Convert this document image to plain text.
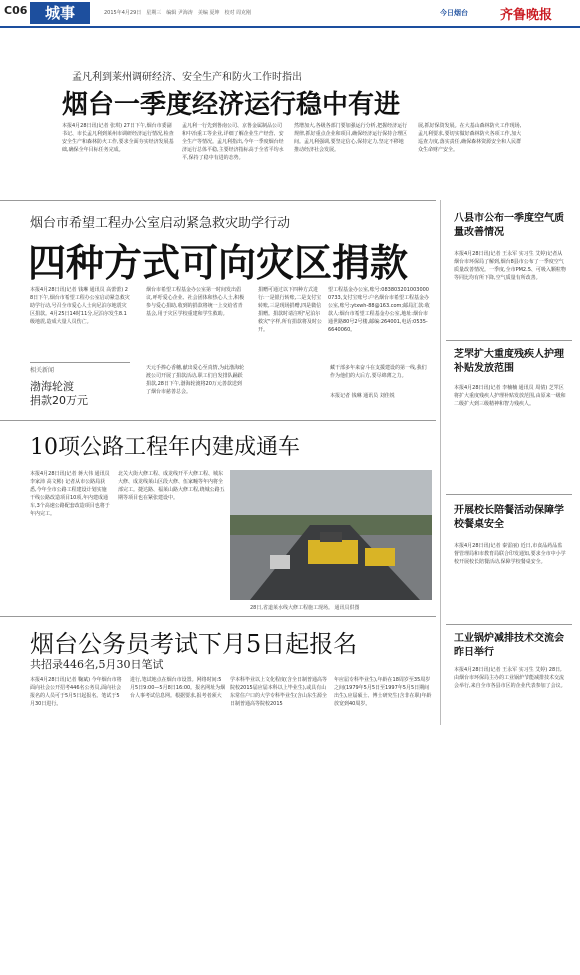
C06	城事	2015年4月29日　星期三　编辑 尹海涛　美编 夏坤　校对 周克刚	今日烟台 齐鲁晚报
孟凡利到莱州调研经济、安全生产和防火工作时指出
烟台一季度经济运行稳中有进
本报4月28日讯(记者 张琪) 27日下午,烟台市委副书记、市长孟凡利到莱州市调研经济运行情况,检查安全生产和森林防火工作,要求全面夯实经济发展基础,确保全年目标任务完成。
孟凡利一行先到鲁南公司、京鲁金属制品公司和中冶重工等企业,详细了解企业生产经营、安全生产等情况。孟凡利指出,今年一季度烟台经济运行总体平稳,主要经济指标高于全省平均水平,保持了稳中有进的态势。
然增加大,各级各部门要加强运行分析,把握经济运行规律,抓好重点企业和项目,确保经济运行保持合理区间。孟凡利强调,要坚定信心,保持定力,坚定不移地推动经济社会发展。
展,抓好保资发展。在大基山森林防火工作现场,孟凡利要求,要切实做好森林防火各项工作,加大巡查力度,落实责任,确保森林资源安全和人民群众生命财产安全。
烟台市希望工程办公室启动紧急救灾助学行动
四种方式可向灾区捐款
本报4月28日讯(记者 钱琳 通讯员 高蕾蕾) 28日下午,烟台市希望工程办公室启动紧急救灾助学行动,号召全市爱心人士向尼泊尔地震灾区捐款。4月25日14时11分,尼泊尔发生8.1级地震,造成大量人员伤亡。
烟台市希望工程基金办公室第一时间发出倡议,呼吁爱心企业、社会团体和热心人士,积极参与爱心捐助,收到的捐款将统一上交给省青基会,用于灾区学校重建和学生救助。
捐赠可通过以下四种方式进行:一是银行转账,二是支付宝转账,三是现场捐赠,四是微信捐赠。捐款时请注明"尼泊尔救灾"字样,所有捐款将及时公开。
望工程基金办公室,账号:0838032010030000733,支付宝账号:户名烟台市希望工程基金办公室,账号:ytxwh-88@163.com;邮局汇款:收款人:烟台市希望工程基金办公室,地址:烟台市通世路80号2号楼,邮编:264001,电话:0535-6640060。
相关新闻
渤海轮渡
捐款20万元
天元手捧心香穗,献出爱心至真情,为此渤海轮渡公司开展了捐款活动,职工们自发排队踊跃捐款,28日下午,渤海轮渡将20万元善款送到了烟台市慈善总会。
藏干部多年来奋斗在支援建设的第一线,我们作为他们的大后方,要尽绵薄之力。
本报记者 钱琳 通讯员 刘佳锐
10项公路工程年内建成通车
本报4月28日讯(记者 蒋大伟 通讯员 李家沛 高文彬) 记者从市公路局获悉,今年全市公路工程建设计划实施干线公路改造项目10项,年内建成通车,3个高速公路配套改造项目也将于年内完工。
北关大街大修工程、成龙线开平大修工程、城东大修、成龙线莱山区段大修、伍家疃等年内将全部完工。捷达路、福莱山路大修工程,绕城公路五期等项目也在紧张建设中。
28日,省道莱水线大修工程施工现场。 通讯员供图
烟台公务员考试下月5日起报名
共招录446名,5月30日笔试
本报4月28日讯(记者 鞠斌) 今年烟台市将面向社会公开招考446名公务员,面向社会报名的人员可于5月5日起报名。笔试于5月30日进行。
进行,笔试地点在烟台市设置。网络时间:5月5日9:00—5月8日16:00。报名网址为烟台人事考试信息网。根据要求,报考者须大
学本科毕业以上文化程度(含全日制普通高等院校2015届应届本科以上毕业生),或具有山东常住户口的大学专科毕业生(含山东生源全日制普通高等院校2015
年应届专科毕业生),年龄在18周岁至35周岁之间(1979年5月5日至1997年5月5日期间出生),应届硕士、博士研究生(含非在职)年龄放宽到40周岁。
八县市公布一季度空气质量改善情况
本报4月28日讯(记者 王永军 实习生 艾婷)记者从烟台市环保局了解到,烟台8县市公布了一季度空气质量改善情况。一季度,全市PM2.5、可吸入颗粒物等同比均有所下降,空气质量有所改善。
芝罘扩大重度残疾人护理补贴发放范围
本报4月28日讯(记者 李楠楠 通讯员 周倩) 芝罘区将扩大重度残疾人护理补贴发放范围,由原来一级和二级扩大到三级精神和智力残疾人。
开展校长陪餐活动保障学校餐桌安全
本报4月28日讯(记者 秦雷丽) 近日,市食品药品监督管理局和市教育局联合印发通知,要求全市中小学校开展校长陪餐活动,保障学校餐桌安全。
工业锅炉减排技术交流会昨日举行
本报4月28日讯(记者 王永军 实习生 艾婷) 28日,由烟台市环保局主办的工业锅炉节能减排技术交流会举行,来自全市各县市区的企业代表参加了会议。
